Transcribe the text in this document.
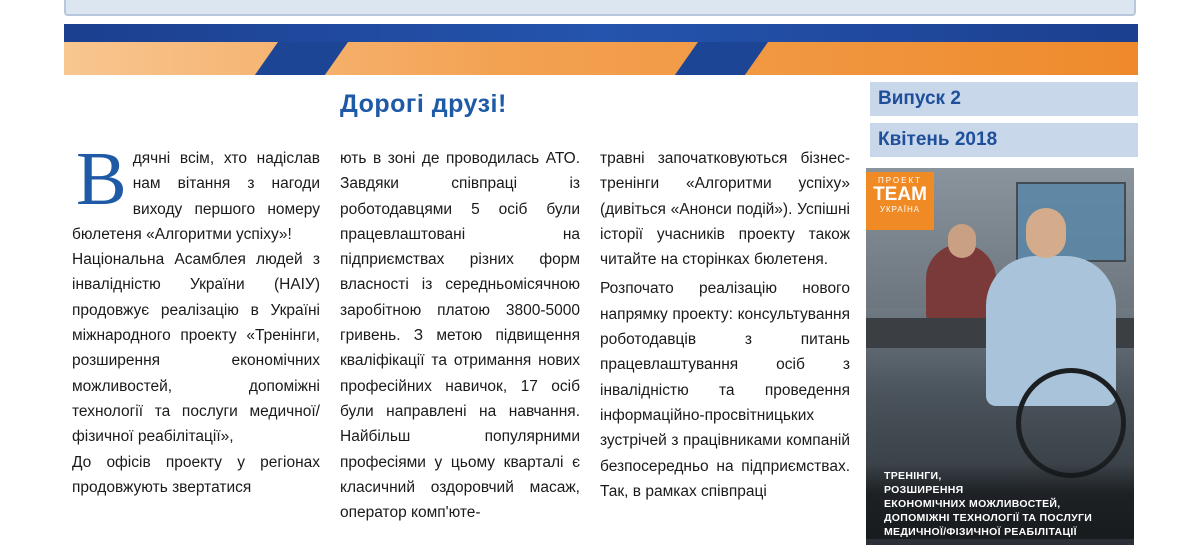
Дорогі друзі!
В дячні всім, хто надіслав нам вітання з нагоди виходу першого номеру бюлетеня «Алгоритми успіху»!

Національна Асамблея людей з інвалідністю України (НАІУ) продовжує реалізацію в Україні міжнародного проекту «Тренінги, розширення економічних можливостей, допоміжні технології та послуги медичної/фізичної реабілітації»,

До офісів проекту у регіонах продовжують звертатися

ють в зоні де проводилась АТО. Завдяки співпраці із роботодавцями 5 осіб були працевлаштовані на підприємствах різних форм власності із середньомісячною заробітною платою 3800-5000 гривень. З метою підвищення кваліфікації та отримання нових професійних навичок, 17 осіб були направлені на навчання. Найбільш популярними професіями у цьому кварталі є класичний оздоровчий масаж, оператор комп'юте-

травні започатковуються бізнес-тренінги «Алгоритми успіху» (дивіться «Анонси подій»). Успішні історії учасників проекту також читайте на сторінках бюлетеня.

Розпочато реалізацію нового напрямку проекту: консультування роботодавців з питань працевлаштування осіб з інвалідністю та проведення інформаційно-просвітницьких зустрічей з працівниками компаній безпосередньо на підприємствах. Так, в рамках співпраці

Випуск 2
Квітень 2018
ПРОЕКТ
TEAM
УКРАЇНА
ТРЕНІНГИ,
РОЗШИРЕННЯ
ЕКОНОМІЧНИХ МОЖЛИВОСТЕЙ,
ДОПОМІЖНІ ТЕХНОЛОГІЇ ТА ПОСЛУГИ
МЕДИЧНОЇ/ФІЗИЧНОЇ РЕАБІЛІТАЦІЇ
